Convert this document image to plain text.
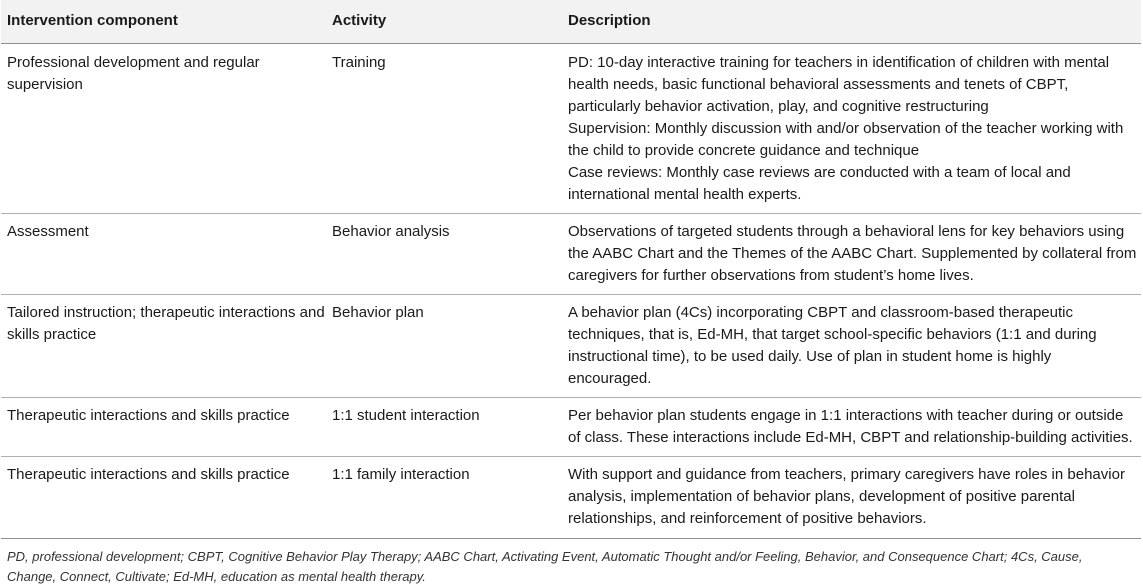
Intervention component	Activity	Description
Professional development and regular supervision	Training	PD: 10-day interactive training for teachers in identification of children with mental health needs, basic functional behavioral assessments and tenets of CBPT, particularly behavior activation, play, and cognitive restructuring
Supervision: Monthly discussion with and/or observation of the teacher working with the child to provide concrete guidance and technique
Case reviews: Monthly case reviews are conducted with a team of local and international mental health experts.

Assessment	Behavior analysis	Observations of targeted students through a behavioral lens for key behaviors using the AABC Chart and the Themes of the AABC Chart. Supplemented by collateral from caregivers for further observations from student’s home lives.

Tailored instruction; therapeutic interactions and skills practice	Behavior plan	A behavior plan (4Cs) incorporating CBPT and classroom-based therapeutic techniques, that is, Ed-MH, that target school-specific behaviors (1:1 and during instructional time), to be used daily. Use of plan in student home is highly encouraged.

Therapeutic interactions and skills practice	1:1 student interaction	Per behavior plan students engage in 1:1 interactions with teacher during or outside of class. These interactions include Ed-MH, CBPT and relationship-building activities.

Therapeutic interactions and skills practice	1:1 family interaction	With support and guidance from teachers, primary caregivers have roles in behavior analysis, implementation of behavior plans, development of positive parental relationships, and reinforcement of positive behaviors.
PD, professional development; CBPT, Cognitive Behavior Play Therapy; AABC Chart, Activating Event, Automatic Thought and/or Feeling, Behavior, and Consequence Chart; 4Cs, Cause, Change, Connect, Cultivate; Ed-MH, education as mental health therapy.
